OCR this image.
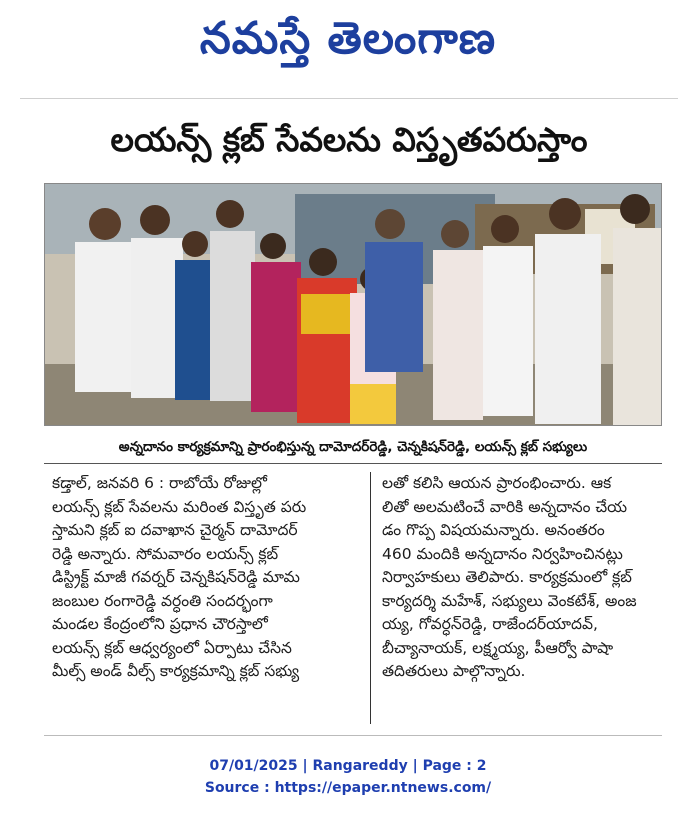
నమస్తే తెలంగాణ
లయన్స్ క్లబ్ సేవలను విస్తృతపరుస్తాం
అన్నదానం కార్యక్రమాన్ని ప్రారంభిస్తున్న దామోదర్‌రెడ్డి, చెన్నకిషన్‌రెడ్డి, లయన్స్ క్లబ్ సభ్యులు

కడ్తాల్, జనవరి 6 : రాబోయే రోజుల్లో

లయన్స్ క్లబ్ సేవలను మరింత విస్తృత పరు

స్తామని క్లబ్ ఐ దవాఖాన చైర్మన్ దామోదర్

రెడ్డి అన్నారు. సోమవారం లయన్స్ క్లబ్

డిస్ట్రిక్ట్ మాజీ గవర్నర్ చెన్నకిషన్‌రెడ్డి మామ

జంబుల రంగారెడ్డి వర్ధంతి సందర్భంగా

మండల కేంద్రంలోని ప్రధాన చౌరస్తాలో

లయన్స్ క్లబ్ ఆధ్వర్యంలో ఏర్పాటు చేసిన

మీల్స్ అండ్ వీల్స్ కార్యక్రమాన్ని క్లబ్ సభ్యు

లతో కలిసి ఆయన ప్రారంభించారు. ఆక

లితో అలమటించే వారికి అన్నదానం చేయ

డం గొప్ప విషయమన్నారు. అనంతరం

460 మందికి అన్నదానం నిర్వహించినట్లు

నిర్వాహకులు తెలిపారు. కార్యక్రమంలో క్లబ్

కార్యదర్శి మహేశ్, సభ్యులు వెంకటేశ్, అంజ

య్య, గోవర్ధన్‌రెడ్డి, రాజేందర్‌యాదవ్,

బీచ్యానాయక్, లక్ష్మయ్య, పీఆర్వో పాషా

తదితరులు పాల్గొన్నారు.

07/01/2025 | Rangareddy | Page : 2
Source : https://epaper.ntnews.com/
